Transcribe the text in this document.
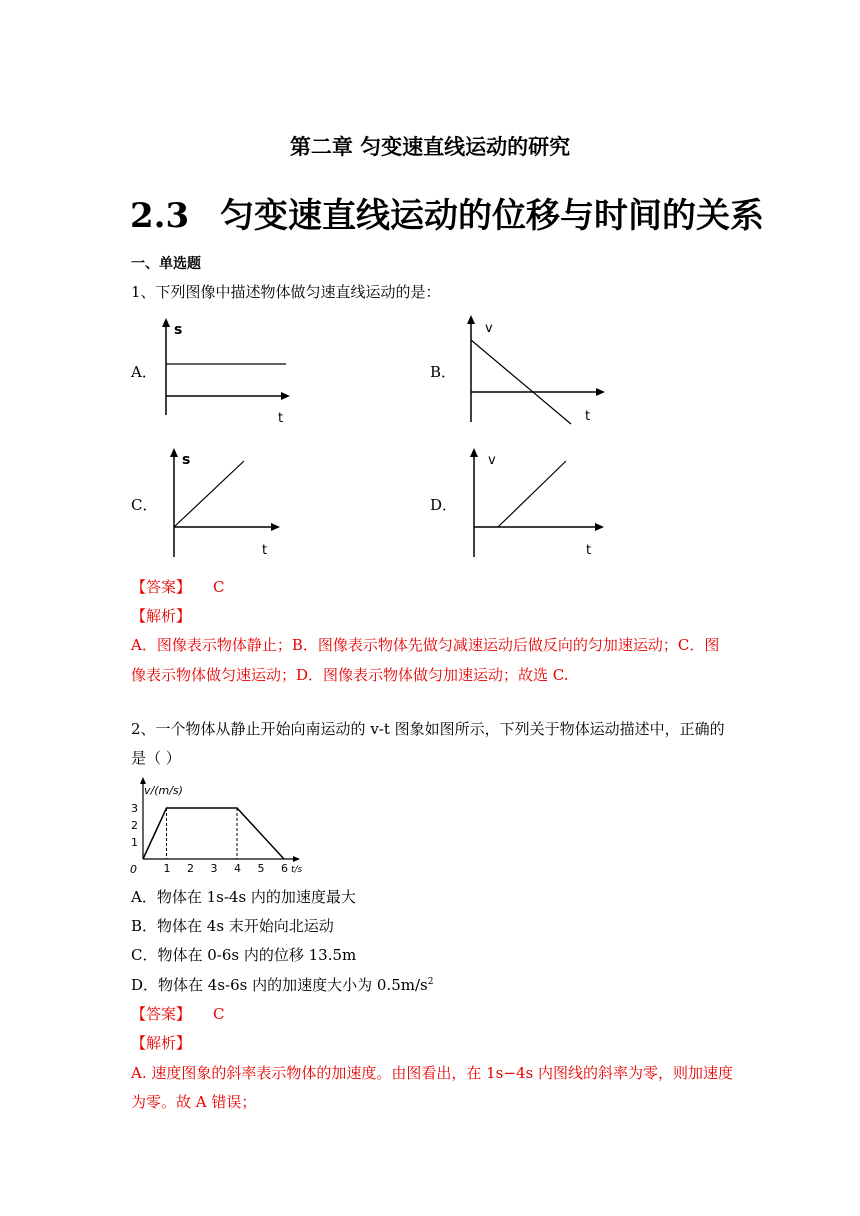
第二章 匀变速直线运动的研究
2.3 匀变速直线运动的位移与时间的关系
一、单选题
1、下列图像中描述物体做匀速直线运动的是：
A．	B．
C．	D．
s
t
v
t
s
t
v
t
【答案】 C
【解析】
A．图像表示物体静止；B．图像表示物体先做匀减速运动后做反向的匀加速运动；C．图
像表示物体做匀速运动；D．图像表示物体做匀加速运动；故选 C.
2、一个物体从静止开始向南运动的 v-t 图象如图所示，下列关于物体运动描述中，正确的
是（ ）
v/(m/s)
t/s
0 1 2 3 4 5 6
1
2
3
A．物体在 1s-4s 内的加速度最大
B．物体在 4s 末开始向北运动
C．物体在 0-6s 内的位移 13.5m
D．物体在 4s-6s 内的加速度大小为 $0.5m/s^2$
【答案】 C
【解析】
A. 速度图象的斜率表示物体的加速度。由图看出，在 1s−4s 内图线的斜率为零，则加速度
为零。故 A 错误；
